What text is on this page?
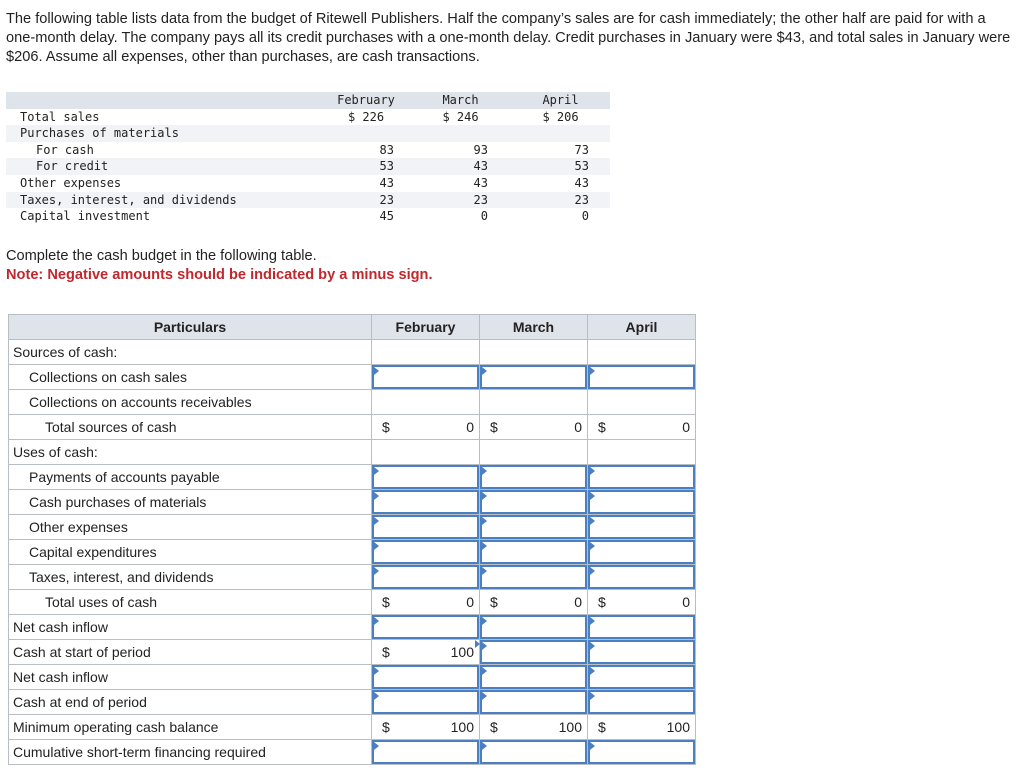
The following table lists data from the budget of Ritewell Publishers. Half the company’s sales are for cash immediately; the other half are paid for with a one-month delay. The company pays all its credit purchases with a one-month delay. Credit purchases in January were $43, and total sales in January were $206. Assume all expenses, other than purchases, are cash transactions.
	February	March	April
Total sales	$ 226	$ 246	$ 206
Purchases of materials			
For cash	83	93	73
For credit	53	43	53
Other expenses	43	43	43
Taxes, interest, and dividends	23	23	23
Capital investment	45	0	0
Complete the cash budget in the following table.
Note: Negative amounts should be indicated by a minus sign.
Particulars	February	March	April
Sources of cash:			
Collections on cash sales	

Collections on accounts receivables			
Total sources of cash	$ 0	$ 0	$ 0

Uses of cash:			
Payments of accounts payable	

Cash purchases of materials	

Other expenses	

Capital expenditures	

Taxes, interest, and dividends	

Total uses of cash	$ 0	$ 0	$ 0

Net cash inflow	

Cash at start of period	$ 100		

Net cash inflow	

Cash at end of period	

Minimum operating cash balance	$ 100	$ 100	$ 100

Cumulative short-term financing required	
